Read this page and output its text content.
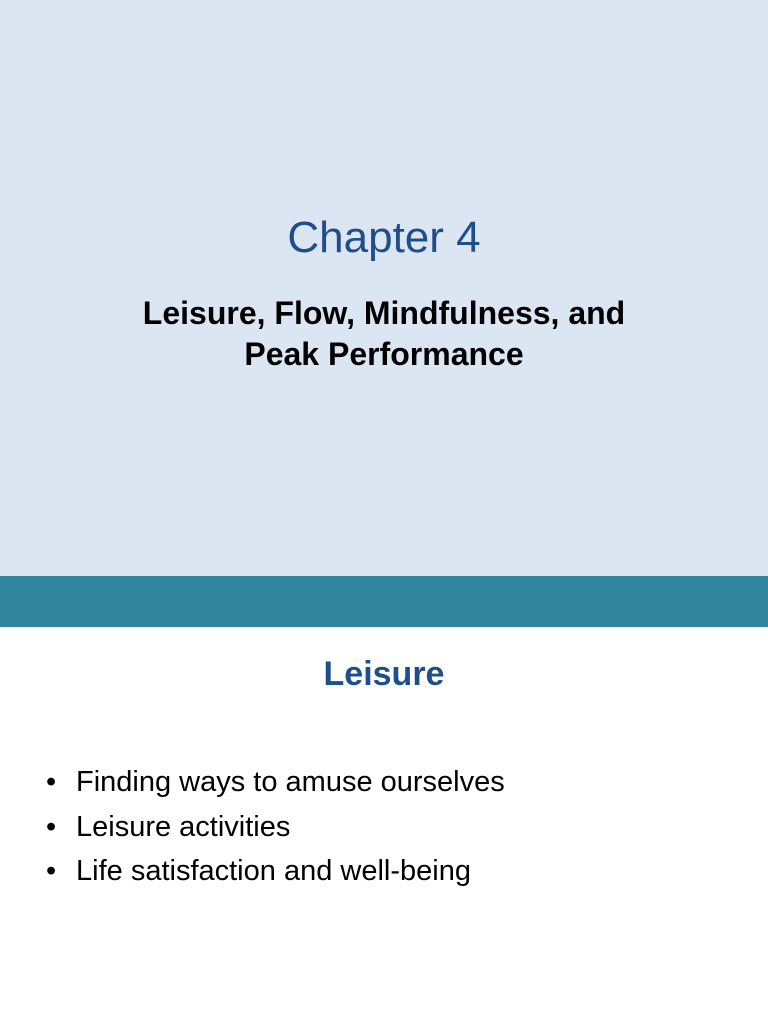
Chapter 4
Leisure, Flow, Mindfulness, and
Peak Performance
Leisure
• Finding ways to amuse ourselves
• Leisure activities
• Life satisfaction and well-being
